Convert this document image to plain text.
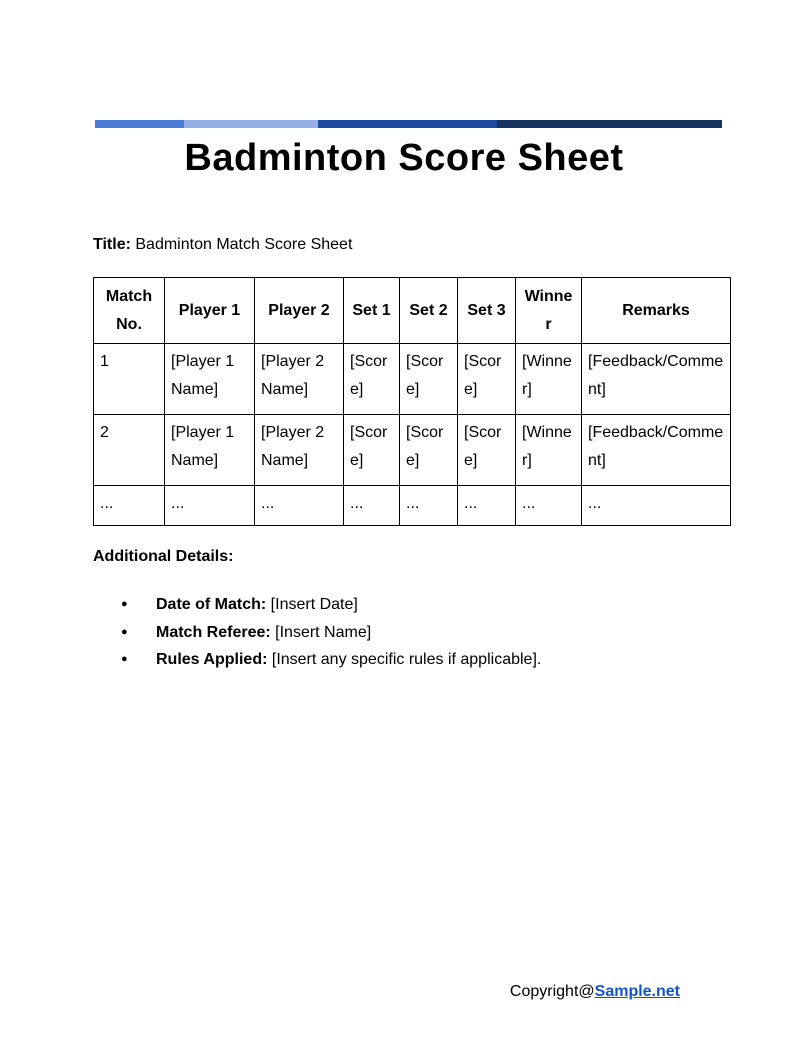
Badminton Score Sheet
Title: Badminton Match Score Sheet
Match No.	Player 1	Player 2	Set 1	Set 2	Set 3	Winner	Remarks
1	[Player 1 Name]	[Player 2 Name]	[Score]	[Score]	[Score]	[Winner]	[Feedback/Comment]
2	[Player 1 Name]	[Player 2 Name]	[Score]	[Score]	[Score]	[Winner]	[Feedback/Comment]
...	...	...	...	...	...	...	...
Additional Details:
●	Date of Match: [Insert Date]
●	Match Referee: [Insert Name]
●	Rules Applied: [Insert any specific rules if applicable].
Copyright@Sample.net
